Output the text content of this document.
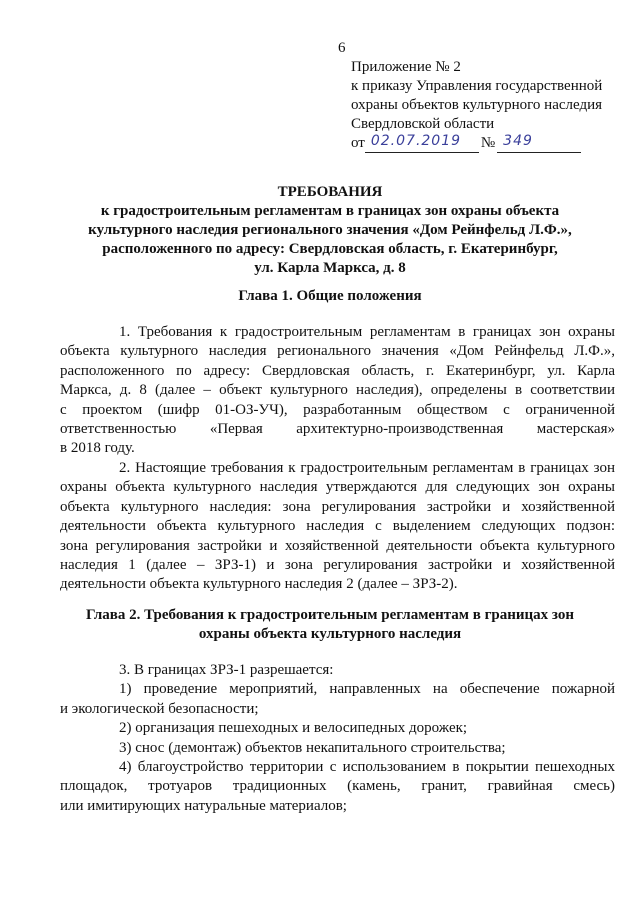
6
Приложение № 2
к приказу Управления государственной
охраны объектов культурного наследия
Свердловской области
от 02.07.2019 № 349
ТРЕБОВАНИЯ
к градостроительным регламентам в границах зон охраны объекта
культурного наследия регионального значения «Дом Рейнфельд Л.Ф.»,
расположенного по адресу: Свердловская область, г. Екатеринбург,
ул. Карла Маркса, д. 8
Глава 1. Общие положения
1. Требования к градостроительным регламентам в границах зон охраны
объекта культурного наследия регионального значения «Дом Рейнфельд Л.Ф.»,
расположенного по адресу: Свердловская область, г. Екатеринбург, ул. Карла
Маркса, д. 8 (далее – объект культурного наследия), определены в соответствии
с проектом (шифр 01-ОЗ-УЧ), разработанным обществом с ограниченной
ответственностью «Первая архитектурно-производственная мастерская»
в 2018 году.
2. Настоящие требования к градостроительным регламентам в границах зон
охраны объекта культурного наследия утверждаются для следующих зон охраны
объекта культурного наследия: зона регулирования застройки и хозяйственной
деятельности объекта культурного наследия с выделением следующих подзон:
зона регулирования застройки и хозяйственной деятельности объекта культурного
наследия 1 (далее – ЗРЗ-1) и зона регулирования застройки и хозяйственной
деятельности объекта культурного наследия 2 (далее – ЗРЗ-2).
Глава 2. Требования к градостроительным регламентам в границах зон
охраны объекта культурного наследия
3. В границах ЗРЗ-1 разрешается:
1) проведение мероприятий, направленных на обеспечение пожарной
и экологической безопасности;
2) организация пешеходных и велосипедных дорожек;
3) снос (демонтаж) объектов некапитального строительства;
4) благоустройство территории с использованием в покрытии пешеходных
площадок, тротуаров традиционных (камень, гранит, гравийная смесь)
или имитирующих натуральные материалов;
